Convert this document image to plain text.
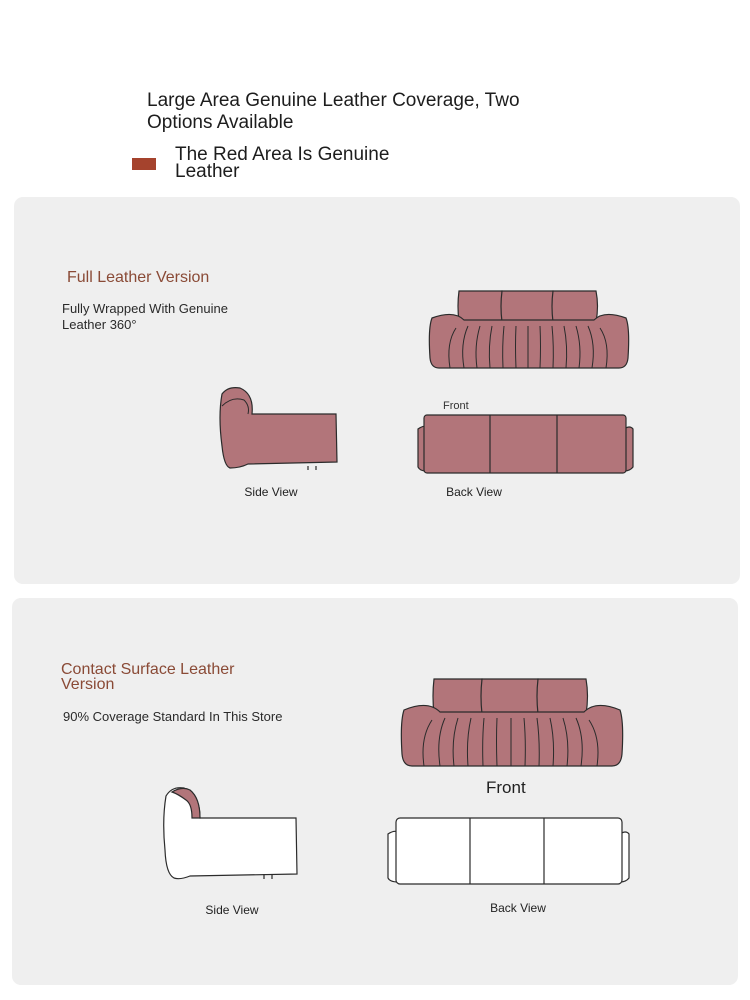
Large Area Genuine Leather Coverage, Two Options Available
The Red Area Is Genuine Leather
Full Leather Version
Fully Wrapped With Genuine Leather 360°
Front
Side View	Back View
Contact Surface Leather Version
90% Coverage Standard In This Store
Front
Side View	Back View
